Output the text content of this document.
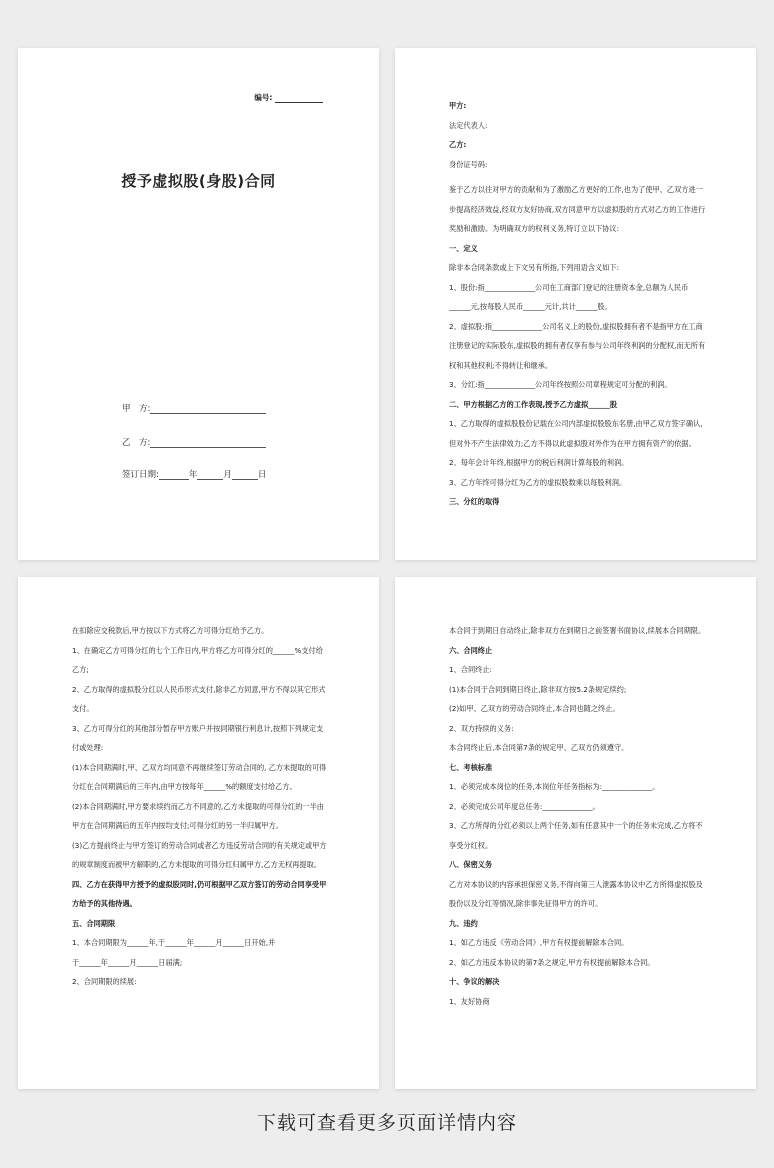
编号:
授予虚拟股(身股)合同
甲　方:
乙　方:
签订日期:	年	月	日

甲方:

法定代表人:

乙方:

身份证号码:

鉴于乙方以往对甲方的贡献和为了激励乙方更好的工作,也为了使甲、乙双方进一步提高经济效益,经双方友好协商,双方同意甲方以虚拟股的方式对乙方的工作进行奖励和激励。为明确双方的权利义务,特订立以下协议:

一、定义

除非本合同条款或上下文另有所指,下列用语含义如下:

1、股份:指______________公司在工商部门登记的注册资本金,总额为人民币______元,按每股人民币______元计,共计______股。

2、虚拟股:指______________公司名义上的股份,虚拟股拥有者不是指甲方在工商注册登记的实际股东,虚拟股的拥有者仅享有参与公司年终利润的分配权,而无所有权和其他权利;不得转让和继承。

3、分红:指______________公司年终按照公司章程规定可分配的利润。

二、甲方根据乙方的工作表现,授予乙方虚拟______股

1、乙方取得的虚拟股股份记载在公司内部虚拟股股东名册,由甲乙双方签字确认,但对外不产生法律效力;乙方不得以此虚拟股对外作为在甲方拥有资产的依据。

2、每年会计年终,根据甲方的税后利润计算每股的利润。

3、乙方年终可得分红为乙方的虚拟股数乘以每股利润。

三、分红的取得

在扣除应交税款后,甲方按以下方式将乙方可得分红给予乙方。

1、在确定乙方可得分红的七个工作日内,甲方将乙方可得分红的______%支付给乙方;

2、乙方取得的虚拟股分红以人民币形式支付,除非乙方同意,甲方不得以其它形式支付。

3、乙方可得分红的其他部分暂存甲方账户并按同期银行利息计,按照下列规定支付或处理:

(1)本合同期满时,甲、乙双方均同意不再继续签订劳动合同的, 乙方未提取的可得分红在合同期满后的三年内,由甲方按每年______%的额度支付给乙方。

(2)本合同期满时,甲方要求续约而乙方不同意的,乙方未提取的可得分红的一半由甲方在合同期满后的五年内按均支付;可得分红的另一半归属甲方。

(3)乙方提前终止与甲方签订的劳动合同或者乙方违反劳动合同的有关规定或甲方的规章制度而被甲方解职的,乙方未提取的可得分红归属甲方,乙方无权再提取。

四、乙方在获得甲方授予的虚拟股同时,仍可根据甲乙双方签订的劳动合同享受甲方给予的其他待遇。

五、合同期限

1、本合同期限为______年,于______年______月______日开始,并

于______年______月______日届满;

2、合同期限的续展:

本合同于到期日自动终止,除非双方在到期日之前签署书面协议,续展本合同期限。

六、合同终止

1、合同终止:

(1)本合同于合同到期日终止,除非双方按5.2条规定续约;

(2)如甲、乙双方的劳动合同终止,本合同也随之终止。

2、双方持续的义务:

本合同终止后,本合同第7条的规定甲、乙双方仍须遵守。

七、考核标准

1、必须完成本岗位的任务,本岗位年任务指标为:______________。

2、必须完成公司年度总任务:______________。

3、乙方所得的分红必须以上两个任务,如有任意其中一个的任务未完成,乙方将不享受分红权。

八、保密义务

乙方对本协议的内容承担保密义务,不得向第三人泄露本协议中乙方所得虚拟股及股份以及分红等情况,除非事先征得甲方的许可。

九、违约

1、如乙方违反《劳动合同》,甲方有权提前解除本合同。

2、如乙方违反本协议的第7条之规定,甲方有权提前解除本合同。

十、争议的解决

1、友好协商

下载可查看更多页面详情内容
